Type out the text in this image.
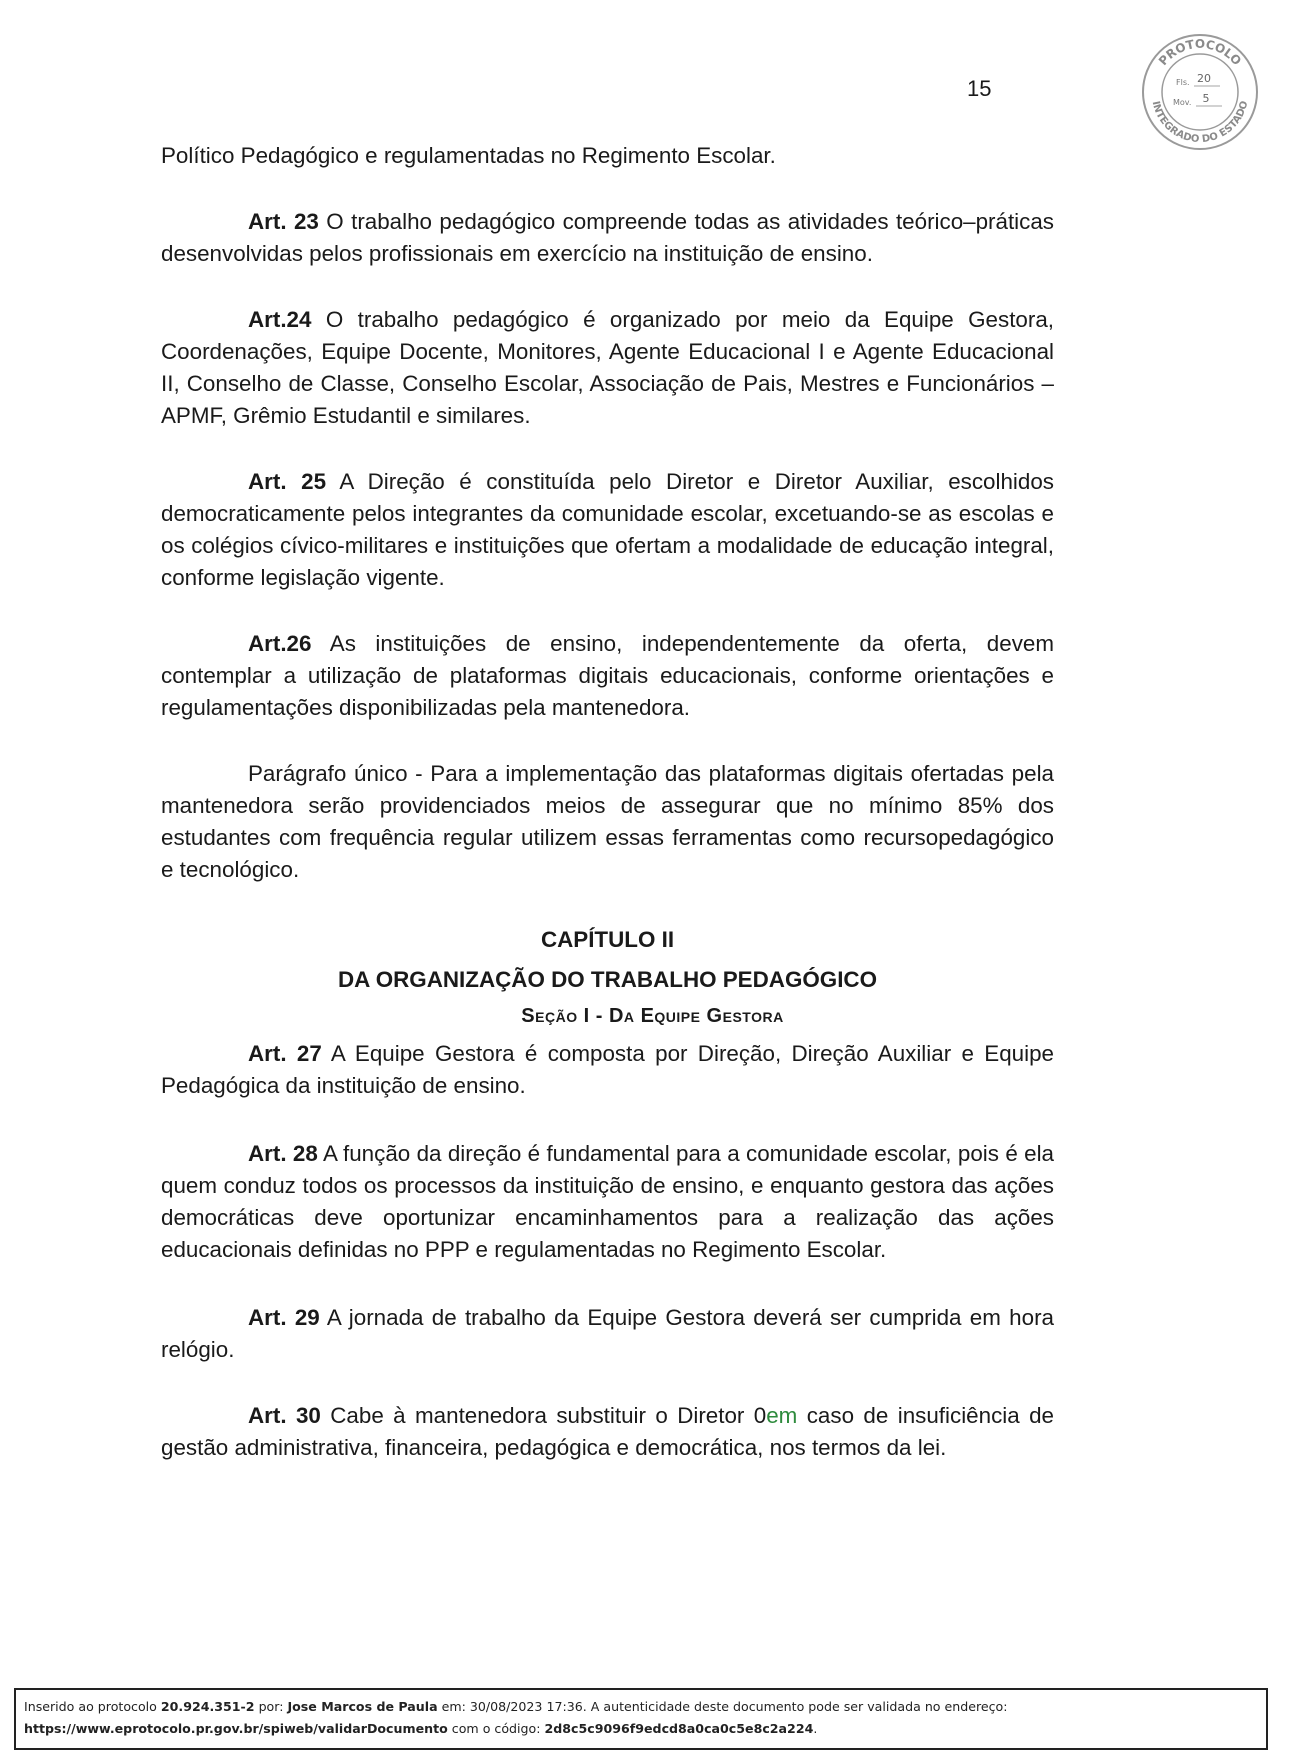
15
PROTOCOLO
INTEGRADO DO ESTADO
Fls. 20
Mov. 5

Político Pedagógico e regulamentadas no Regimento Escolar.

Art. 23 O trabalho pedagógico compreende todas as atividades teórico–práticas desenvolvidas pelos profissionais em exercício na instituição de ensino.

Art.24 O trabalho pedagógico é organizado por meio da Equipe Gestora, Coordenações, Equipe Docente, Monitores, Agente Educacional I e Agente Educacional II, Conselho de Classe, Conselho Escolar, Associação de Pais, Mestres e Funcionários – APMF, Grêmio Estudantil e similares.

Art. 25 A Direção é constituída pelo Diretor e Diretor Auxiliar, escolhidos democraticamente pelos integrantes da comunidade escolar, excetuando-se as escolas e os colégios cívico-militares e instituições que ofertam a modalidade de educação integral, conforme legislação vigente.

Art.26 As instituições de ensino, independentemente da oferta, devem contemplar a utilização de plataformas digitais educacionais, conforme orientações e regulamentações disponibilizadas pela mantenedora.

Parágrafo único - Para a implementação das plataformas digitais ofertadas pela mantenedora serão providenciados meios de assegurar que no mínimo 85% dos estudantes com frequência regular utilizem essas ferramentas como recursopedagógico e tecnológico.

CAPÍTULO II

DA ORGANIZAÇÃO DO TRABALHO PEDAGÓGICO

Seção I - Da Equipe Gestora

Art. 27 A Equipe Gestora é composta por Direção, Direção Auxiliar e Equipe Pedagógica da instituição de ensino.

Art. 28 A função da direção é fundamental para a comunidade escolar, pois é ela quem conduz todos os processos da instituição de ensino, e enquanto gestora das ações democráticas deve oportunizar encaminhamentos para a realização das ações educacionais definidas no PPP e regulamentadas no Regimento Escolar.

Art. 29 A jornada de trabalho da Equipe Gestora deverá ser cumprida em hora relógio.

Art. 30 Cabe à mantenedora substituir o Diretor 0em caso de insuficiência de gestão administrativa, financeira, pedagógica e democrática, nos termos da lei.

Inserido ao protocolo 20.924.351-2 por: Jose Marcos de Paula em: 30/08/2023 17:36. A autenticidade deste documento pode ser validada no endereço:
https://www.eprotocolo.pr.gov.br/spiweb/validarDocumento com o código: 2d8c5c9096f9edcd8a0ca0c5e8c2a224.
